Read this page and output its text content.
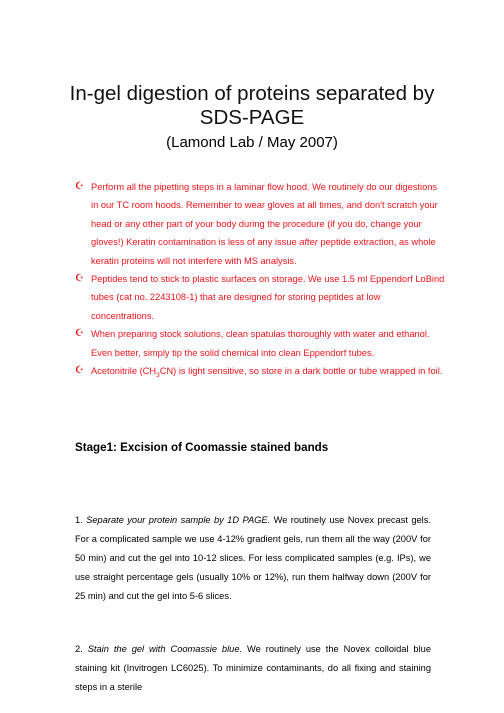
In-gel digestion of proteins separated by
SDS-PAGE
(Lamond Lab / May 2007)
☪ Perform all the pipetting steps in a laminar flow hood. We routinely do our digestions in our TC room hoods. Remember to wear gloves at all times, and don't scratch your head or any other part of your body during the procedure (if you do, change your gloves!) Keratin contamination is less of any issue after peptide extraction, as whole keratin proteins will not interfere with MS analysis.
☪ Peptides tend to stick to plastic surfaces on storage. We use 1.5 ml Eppendorf LoBind tubes (cat no. 2243108-1) that are designed for storing peptides at low concentrations.
☪ When preparing stock solutions, clean spatulas thoroughly with water and ethanol. Even better, simply tip the solid chemical into clean Eppendorf tubes.
☪ Acetonitrile $(CH_3CN)$ is light sensitive, so store in a dark bottle or tube wrapped in foil.
Stage1: Excision of Coomassie stained bands

1. Separate your protein sample by 1D PAGE. We routinely use Novex precast gels. For a complicated sample we use 4-12% gradient gels, run them all the way (200V for 50 min) and cut the gel into 10-12 slices. For less complicated samples (e.g. IPs), we use straight percentage gels (usually 10% or 12%), run them halfway down (200V for 25 min) and cut the gel into 5-6 slices.

2. Stain the gel with Coomassie blue. We routinely use the Novex colloidal blue staining kit (Invitrogen LC6025). To minimize contaminants, do all fixing and staining steps in a sterile
